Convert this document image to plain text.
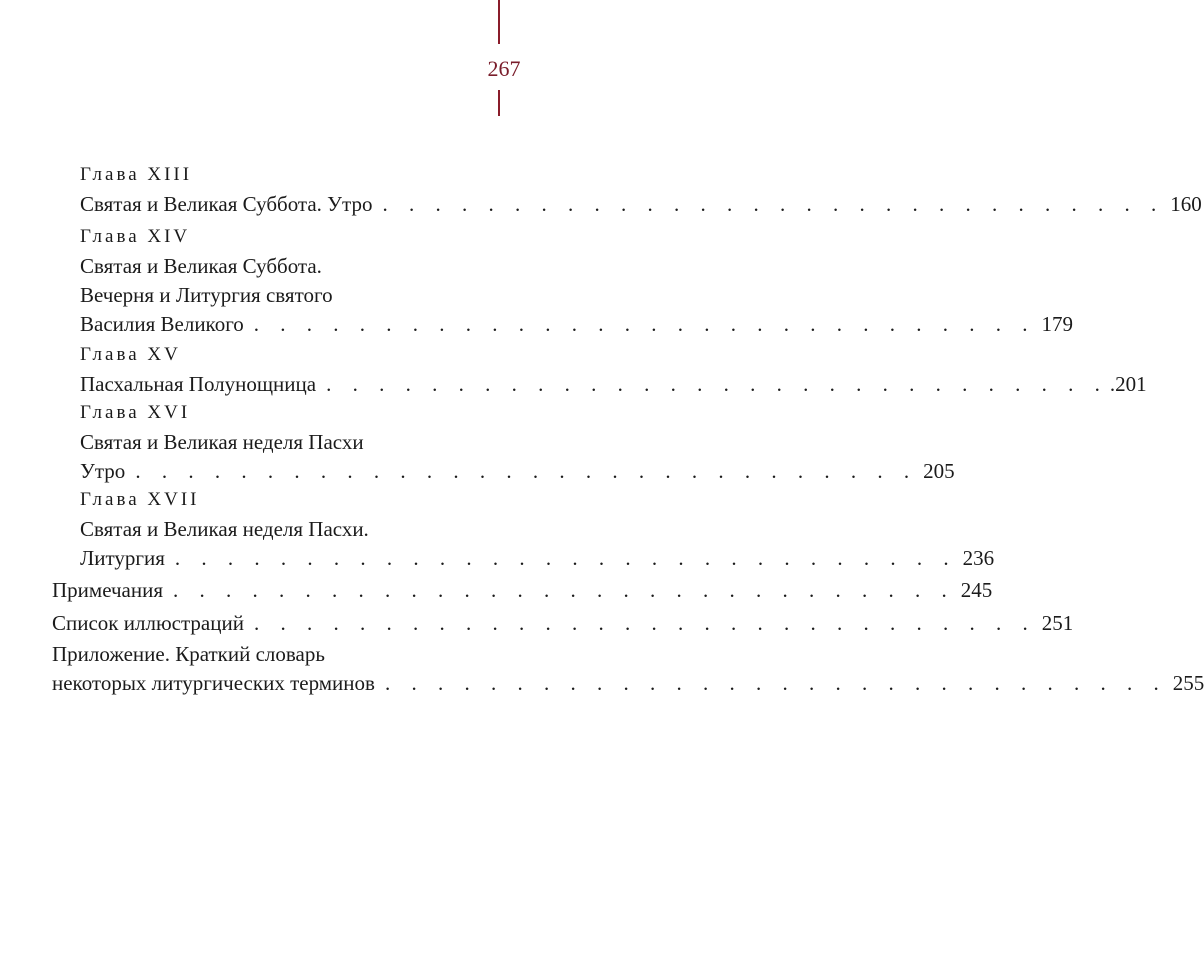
267
Глава XIII
Святая и Великая Суббота. Утро . . . . . . . . . . . . . . . . . . . . . . . . . . . . . . 160
Глава XIV
Святая и Великая Суббота.
Вечерня и Литургия святого
Василия Великого . . . . . . . . . . . . . . . . . . . . . . . . . . . . . . 179
Глава XV
Пасхальная Полунощница . . . . . . . . . . . . . . . . . . . . . . . . . . . . . . .201
Глава XVI
Святая и Великая неделя Пасхи
Утро . . . . . . . . . . . . . . . . . . . . . . . . . . . . . . 205
Глава XVII
Святая и Великая неделя Пасхи.
Литургия . . . . . . . . . . . . . . . . . . . . . . . . . . . . . . 236
Примечания . . . . . . . . . . . . . . . . . . . . . . . . . . . . . . 245
Список иллюстраций . . . . . . . . . . . . . . . . . . . . . . . . . . . . . . 251
Приложение. Краткий словарь
некоторых литургических терминов . . . . . . . . . . . . . . . . . . . . . . . . . . . . . . 255
